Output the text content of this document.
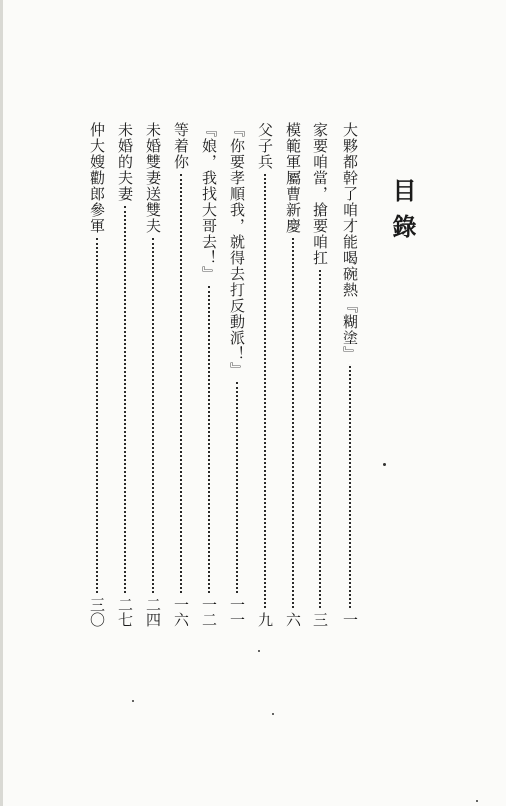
目錄
大夥都幹了咱才能喝碗熱『糊塗』
一
家要咱當，搶要咱扛
三
模範軍屬曹新慶
六
父子兵
九
『你要孝順我，就得去打反動派！』
一一
『娘，我找大哥去！』
一二
等着你
一六
未婚雙妻送雙夫
二四
未婚的夫妻
二七
仲大嫂勸郎參軍
三〇
